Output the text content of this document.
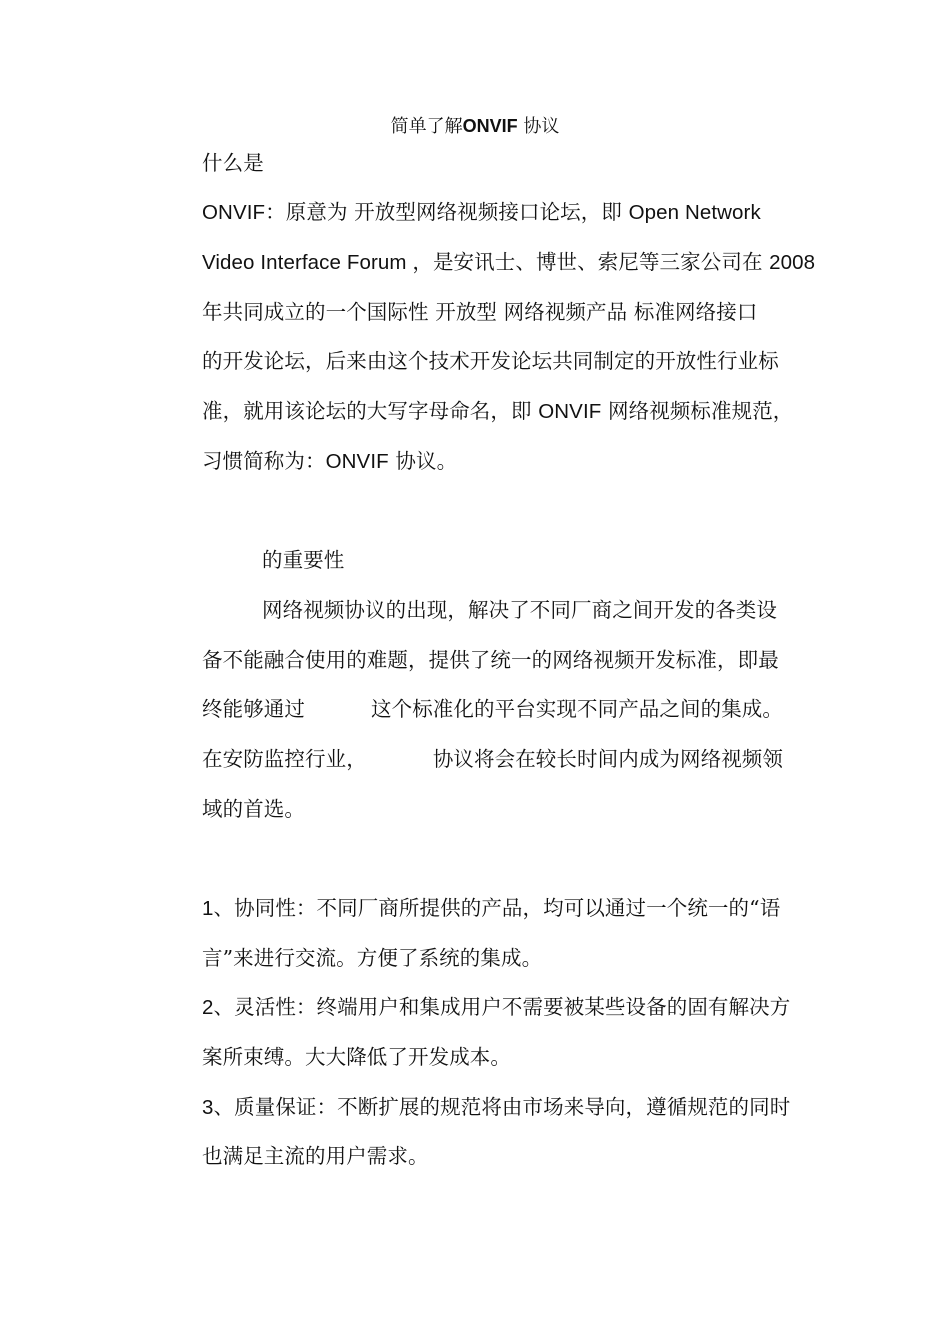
简单了解ONVIF 协议
什么是
ONVIF：原意为 开放型网络视频接口论坛，即 Open Network
Video Interface Forum ，是安讯士、博世、索尼等三家公司在 2008
年共同成立的一个国际性 开放型 网络视频产品 标准网络接口
的开发论坛，后来由这个技术开发论坛共同制定的开放性行业标
准，就用该论坛的大写字母命名，即 ONVIF 网络视频标准规范，
习惯简称为：ONVIF 协议。
的重要性
网络视频协议的出现，解决了不同厂商之间开发的各类设
备不能融合使用的难题，提供了统一的网络视频开发标准，即最
终能够通过	这个标准化的平台实现不同产品之间的集成。
在安防监控行业，	协议将会在较长时间内成为网络视频领
域的首选。
1、协同性：不同厂商所提供的产品，均可以通过一个统一的“语
言”来进行交流。方便了系统的集成。
2、灵活性：终端用户和集成用户不需要被某些设备的固有解决方
案所束缚。大大降低了开发成本。
3、质量保证：不断扩展的规范将由市场来导向，遵循规范的同时
也满足主流的用户需求。
